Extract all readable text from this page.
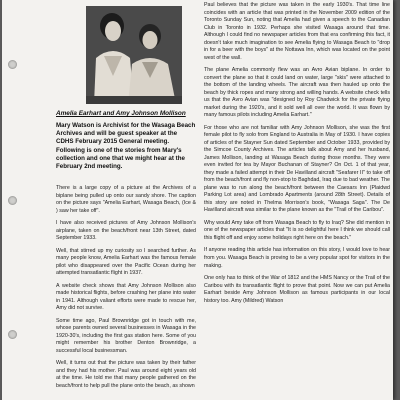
Amelia Earhart and Amy Johnson Mollison
Mary Watson is Archivist for the Wasaga Beach Archives and will be guest speaker at the CDHS February 2015 General meeting. Following is one of the stories from Mary's collection and one that we might hear at the February 2nd meeting.

There is a large copy of a picture at the Archives of a biplane being pulled up onto our sandy shore. The caption on the picture says "Amelia Earhart, Wasaga Beach, (Ice & ) saw her take off".

I have also received pictures of Amy Johnson Mollison's airplane, taken on the beach/front near 13th Street, dated September 1933.

Well, that stirred up my curiosity so I searched further. As many people know, Amelia Earhart was the famous female pilot who disappeared over the Pacific Ocean during her attempted transatlantic flight in 1937.

A website check shows that Amy Johnson Mollison also made historical flights, before crashing her plane into water in 1941. Although valiant efforts were made to rescue her, Amy did not survive.

Some time ago, Paul Brownridge got in touch with me, whose parents owned several businesses in Wasaga in the 1920-30's, including the first gas station here. Some of you might remember his brother Denton Brownridge, a successful local businessman.

Well, it turns out that the picture was taken by their father and they had his mother. Paul was around eight years old at the time. He told me that many people gathered on the beach/front to help pull the plane onto the beach, as shown

Paul believes that the picture was taken in the early 1930's. That time line coincides with an article that was printed in the November 2009 edition of the Toronto Sunday Sun, noting that Amelia had given a speech to the Canadian Club in Toronto in 1932. Perhaps she visited Wasaga around that time. Although I could find no newspaper articles from that era confirming this fact, it doesn't take much imagination to see Amelia flying to Wasaga Beach to "drop in for a beer with the boys" at the Nottawa Inn, which was located on the point west of the wall.

The plane Amelia commonly flew was an Avro Avian biplane. In order to convert the plane so that it could land on water, large "skis" were attached to the bottom of the landing wheels. The aircraft was then hauled up onto the beach by thick ropes and many strong and willing hands. A website check tells us that the Avro Avian was "designed by Roy Chadwick for the private flying market during the 1920's, and it sold well all over the world. It was flown by many famous pilots including Amelia Earhart."

For those who are not familiar with Amy Johnson Mollison, she was the first female pilot to fly solo from England to Australia in May of 1930. I have copies of articles of the Stayner Sun dated September and October 1933, provided by the Simcoe County Archives. The articles talk about Amy and her husband, James Mollison, landing at Wasaga Beach during those months. They were even invited for tea by Mayor Buchanan of Stayner? On Oct. 1 of that year, they made a failed attempt in their De Havilland aircraft "Seafarer II" to take off from the beach/front and fly non-stop to Baghdad, Iraq due to bad weather. The plane was to run along the beach/front between the Caesars Inn (Plaidwd Parking Lot area) and Lombrado Apartments (around 28th Street). Details of this story are noted in Thelma Morrison's book, "Wasaga Saga". The De Havilland aircraft was similar to the plane known as the "Trail of the Caribou".

Why would Amy take off from Wasaga Beach to fly to Iraq? She did mention in one of the newspaper articles that "It is so delightful here I think we should call this flight off and enjoy some holidays right here on the beach."

If anyone reading this article has information on this story, I would love to hear from you. Wasaga Beach is proving to be a very popular spot for visitors in the making.

One only has to think of the War of 1812 and the HMS Nancy or the Trail of the Caribou with its transatlantic flight to prove that point. Now we can put Amelia Earhart beside Amy Johnson Mollison as famous participants in our local history too. Amy (Mildred) Watson
